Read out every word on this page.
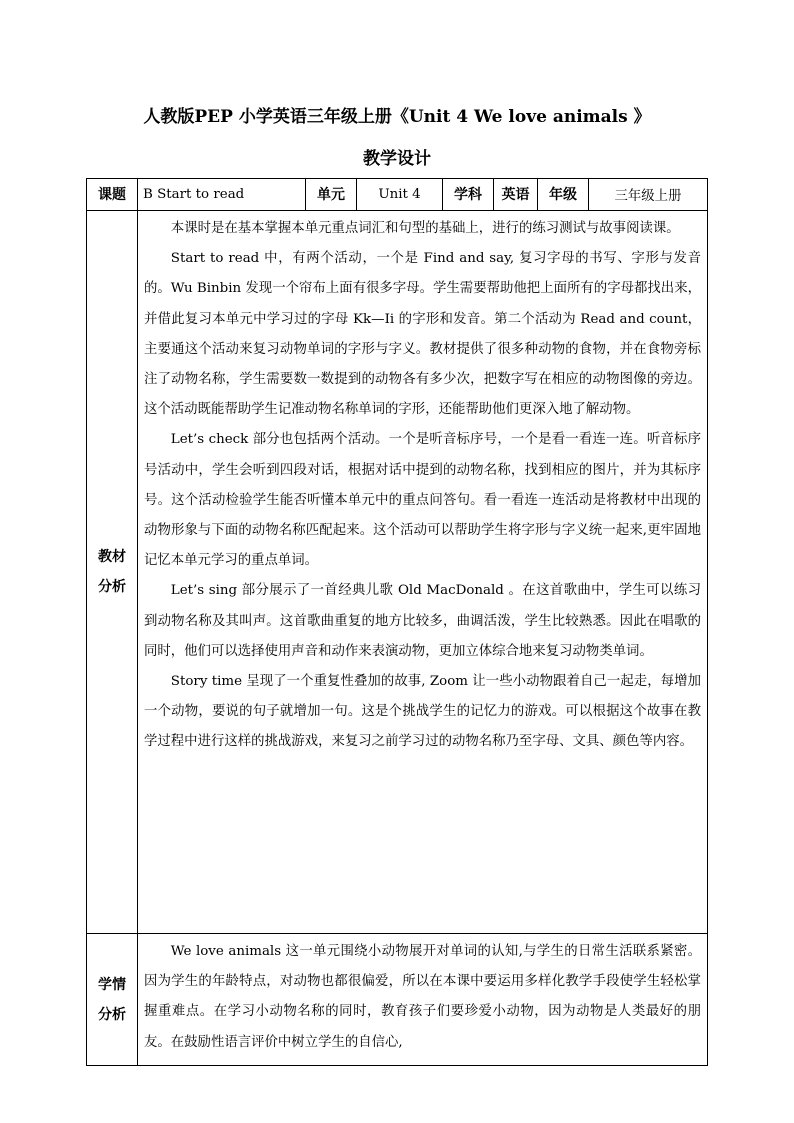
人教版PEP 小学英语三年级上册《Unit 4 We love animals 》
教学设计
课题	B Start to read	单元	Unit 4	学科	英语	年级	三年级上册
教材分析	本课时是在基本掌握本单元重点词汇和句型的基础上，进行的练习测试与故事阅读课。

Start to read 中，有两个活动，一个是 Find and say, 复习字母的书写、字形与发音的。Wu Binbin 发现一个帘布上面有很多字母。学生需要帮助他把上面所有的字母都找出来，并借此复习本单元中学习过的字母 Kk—Ii 的字形和发音。第二个活动为 Read and count，主要通这个活动来复习动物单词的字形与字义。教材提供了很多种动物的食物，并在食物旁标注了动物名称，学生需要数一数提到的动物各有多少次，把数字写在相应的动物图像的旁边。这个活动既能帮助学生记准动物名称单词的字形，还能帮助他们更深入地了解动物。

Let’s check 部分也包括两个活动。一个是听音标序号，一个是看一看连一连。听音标序号活动中，学生会听到四段对话，根据对话中提到的动物名称，找到相应的图片，并为其标序号。这个活动检验学生能否听懂本单元中的重点问答句。看一看连一连活动是将教材中出现的动物形象与下面的动物名称匹配起来。这个活动可以帮助学生将字形与字义统一起来,更牢固地记忆本单元学习的重点单词。

Let’s sing 部分展示了一首经典儿歌 Old MacDonald 。在这首歌曲中，学生可以练习到动物名称及其叫声。这首歌曲重复的地方比较多，曲调活泼，学生比较熟悉。因此在唱歌的同时，他们可以选择使用声音和动作来表演动物，更加立体综合地来复习动物类单词。

Story time 呈现了一个重复性叠加的故事, Zoom 让一些小动物跟着自己一起走，每增加一个动物，要说的句子就增加一句。这是个挑战学生的记忆力的游戏。可以根据这个故事在教学过程中进行这样的挑战游戏，来复习之前学习过的动物名称乃至字母、文具、颜色等内容。						

学情分析	We love animals 这一单元围绕小动物展开对单词的认知,与学生的日常生活联系紧密。因为学生的年龄特点，对动物也都很偏爱，所以在本课中要运用多样化教学手段使学生轻松掌握重难点。在学习小动物名称的同时，教育孩子们要珍爱小动物，因为动物是人类最好的朋友。在鼓励性语言评价中树立学生的自信心,						
